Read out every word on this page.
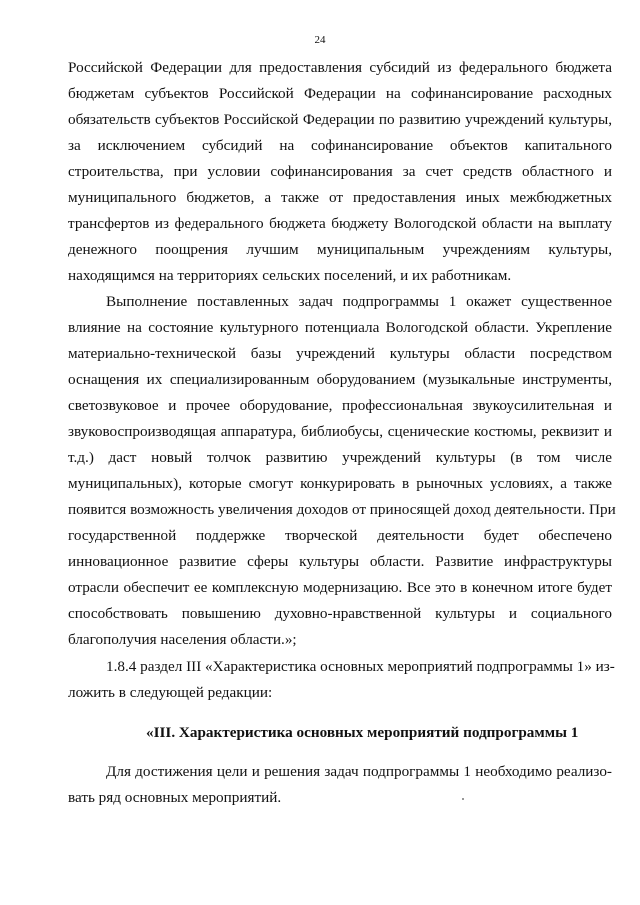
24
Российской Федерации для предоставления субсидий из федерального бюджета
бюджетам субъектов Российской Федерации на софинансирование расходных
обязательств субъектов Российской Федерации по развитию учреждений культуры,
за исключением субсидий на софинансирование объектов капитального
строительства, при условии софинансирования за счет средств областного и
муниципального бюджетов, а также от предоставления иных межбюджетных
трансфертов из федерального бюджета бюджету Вологодской области на выплату
денежного поощрения лучшим муниципальным учреждениям культуры,
находящимся на территориях сельских поселений, и их работникам.
Выполнение поставленных задач подпрограммы 1 окажет существенное
влияние на состояние культурного потенциала Вологодской области. Укрепление
материально-технической базы учреждений культуры области посредством
оснащения их специализированным оборудованием (музыкальные инструменты,
светозвуковое и прочее оборудование, профессиональная звукоусилительная и
звуковоспроизводящая аппаратура, библиобусы, сценические костюмы, реквизит и
т.д.) даст новый толчок развитию учреждений культуры (в том числе
муниципальных), которые смогут конкурировать в рыночных условиях, а также
появится возможность увеличения доходов от приносящей доход деятельности. При
государственной поддержке творческой деятельности будет обеспечено
инновационное развитие сферы культуры области. Развитие инфраструктуры
отрасли обеспечит ее комплексную модернизацию. Все это в конечном итоге будет
способствовать повышению духовно-нравственной культуры и социального
благополучия населения области.»;
1.8.4 раздел III «Характеристика основных мероприятий подпрограммы 1» из-
ложить в следующей редакции:
«III. Характеристика основных мероприятий подпрограммы 1
Для достижения цели и решения задач подпрограммы 1 необходимо реализо-
вать ряд основных мероприятий.
